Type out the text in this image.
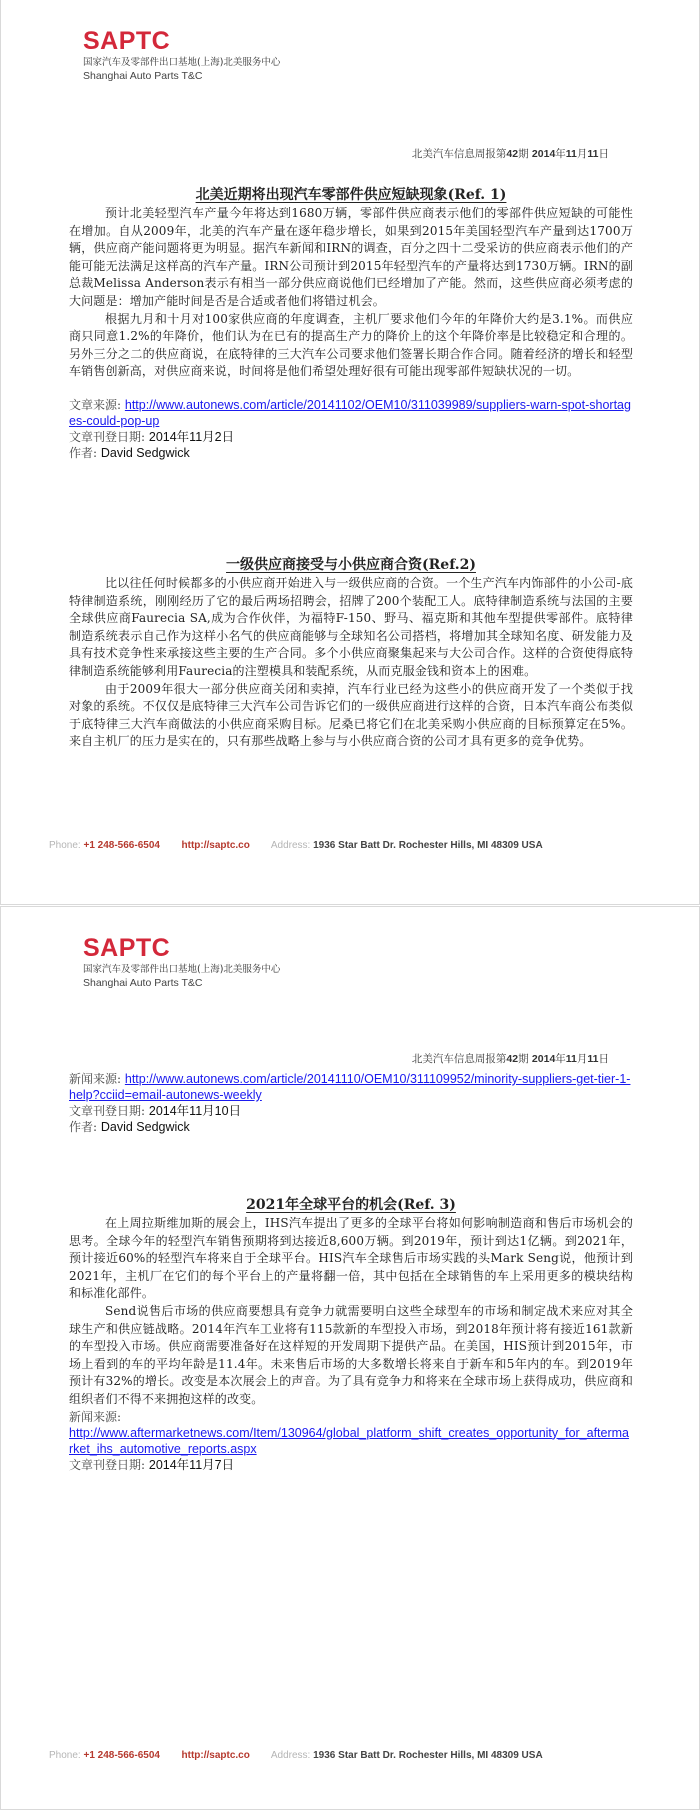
SAPTC
国家汽车及零部件出口基地(上海)北美服务中心
Shanghai Auto Parts T&C
北美汽车信息周报第42期 2014年11月11日
北美近期将出现汽车零部件供应短缺现象(Ref. 1)

预计北美轻型汽车产量今年将达到1680万辆，零部件供应商表示他们的零部件供应短缺的可能性在增加。自从2009年，北美的汽车产量在逐年稳步增长，如果到2015年美国轻型汽车产量到达1700万辆，供应商产能问题将更为明显。据汽车新闻和IRN的调查，百分之四十二受采访的供应商表示他们的产能可能无法满足这样高的汽车产量。IRN公司预计到2015年轻型汽车的产量将达到1730万辆。IRN的副总裁Melissa Anderson表示有相当一部分供应商说他们已经增加了产能。然而，这些供应商必须考虑的大问题是：增加产能时间是否是合适或者他们将错过机会。

根据九月和十月对100家供应商的年度调查，主机厂要求他们今年的年降价大约是3.1%。而供应商只同意1.2%的年降价，他们认为在已有的提高生产力的降价上的这个年降价率是比较稳定和合理的。另外三分之二的供应商说，在底特律的三大汽车公司要求他们签署长期合作合同。随着经济的增长和轻型车销售创新高，对供应商来说，时间将是他们希望处理好很有可能出现零部件短缺状况的一切。

文章来源: http://www.autonews.com/article/20141102/OEM10/311039989/suppliers-warn-spot-shortages-could-pop-up
文章刊登日期: 2014年11月2日
作者: David Sedgwick
一级供应商接受与小供应商合资(Ref.2)

比以往任何时候都多的小供应商开始进入与一级供应商的合资。一个生产汽车内饰部件的小公司-底特律制造系统，刚刚经历了它的最后两场招聘会，招牌了200个装配工人。底特律制造系统与法国的主要全球供应商Faurecia SA,成为合作伙伴，为福特F-150、野马、福克斯和其他车型提供零部件。底特律制造系统表示自己作为这样小名气的供应商能够与全球知名公司搭档，将增加其全球知名度、研发能力及具有技术竞争性来承接这些主要的生产合同。多个小供应商聚集起来与大公司合作。这样的合资使得底特律制造系统能够利用Faurecia的注塑模具和装配系统，从而克服金钱和资本上的困难。

由于2009年很大一部分供应商关闭和卖掉，汽车行业已经为这些小的供应商开发了一个类似于找对象的系统。不仅仅是底特律三大汽车公司告诉它们的一级供应商进行这样的合资，日本汽车商公布类似于底特律三大汽车商做法的小供应商采购目标。尼桑已将它们在北美采购小供应商的目标预算定在5%。来自主机厂的压力是实在的，只有那些战略上参与与小供应商合资的公司才具有更多的竞争优势。

Phone: +1 248-566-6504 http://saptc.co Address: 1936 Star Batt Dr. Rochester Hills, MI 48309 USA
SAPTC
国家汽车及零部件出口基地(上海)北美服务中心
Shanghai Auto Parts T&C
北美汽车信息周报第42期 2014年11月11日
新闻来源: http://www.autonews.com/article/20141110/OEM10/311109952/minority-suppliers-get-tier-1-help?cciid=email-autonews-weekly
文章刊登日期: 2014年11月10日
作者: David Sedgwick
2021年全球平台的机会(Ref. 3)

在上周拉斯维加斯的展会上，IHS汽车提出了更多的全球平台将如何影响制造商和售后市场机会的思考。全球今年的轻型汽车销售预期将到达接近8,600万辆。到2019年，预计到达1亿辆。到2021年，预计接近60%的轻型汽车将来自于全球平台。HIS汽车全球售后市场实践的头Mark Seng说，他预计到2021年，主机厂在它们的每个平台上的产量将翻一倍，其中包括在全球销售的车上采用更多的模块结构和标准化部件。

Send说售后市场的供应商要想具有竞争力就需要明白这些全球型车的市场和制定战术来应对其全球生产和供应链战略。2014年汽车工业将有115款新的车型投入市场，到2018年预计将有接近161款新的车型投入市场。供应商需要准备好在这样短的开发周期下提供产品。在美国，HIS预计到2015年，市场上看到的车的平均年龄是11.4年。未来售后市场的大多数增长将来自于新车和5年内的车。到2019年预计有32%的增长。改变是本次展会上的声音。为了具有竞争力和将来在全球市场上获得成功，供应商和组织者们不得不来拥抱这样的改变。

新闻来源:
http://www.aftermarketnews.com/Item/130964/global_platform_shift_creates_opportunity_for_aftermarket_ihs_automotive_reports.aspx
文章刊登日期: 2014年11月7日
Phone: +1 248-566-6504 http://saptc.co Address: 1936 Star Batt Dr. Rochester Hills, MI 48309 USA
